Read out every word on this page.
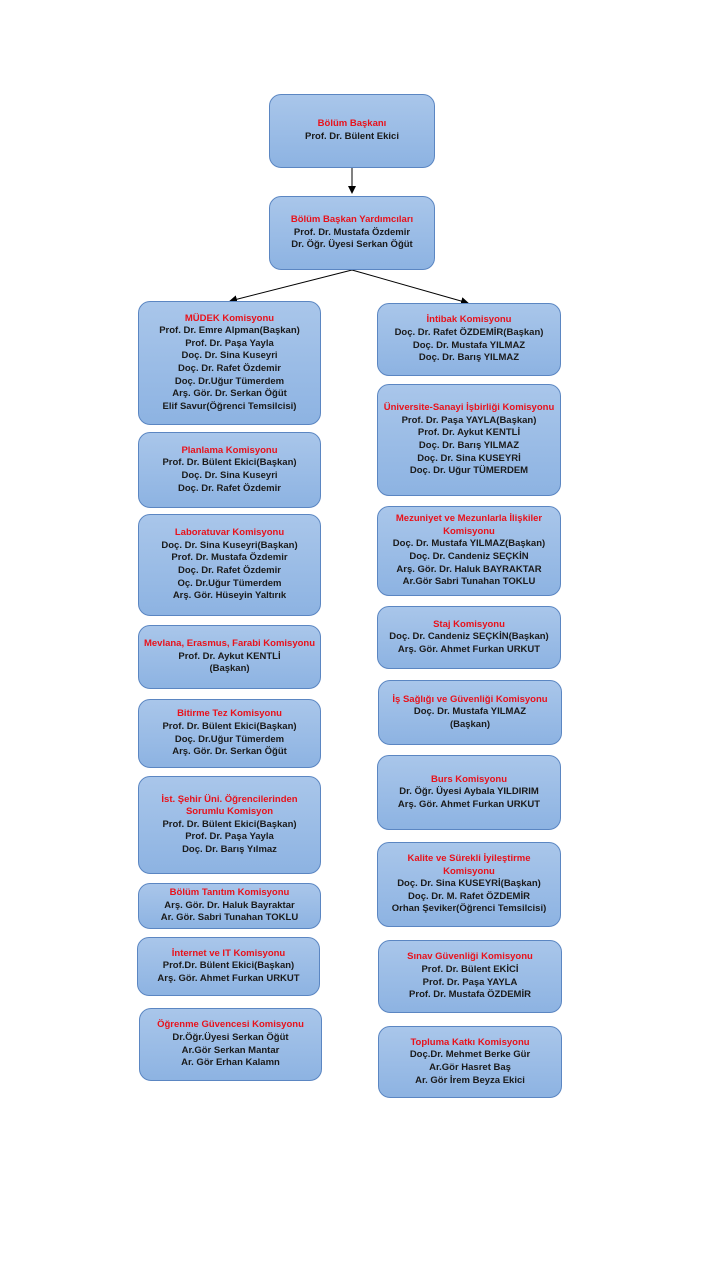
Bölüm Başkanı
Prof. Dr. Bülent Ekici
Bölüm Başkan Yardımcıları
Prof. Dr. Mustafa Özdemir
Dr. Öğr. Üyesi Serkan Öğüt
MÜDEK Komisyonu
Prof. Dr. Emre Alpman(Başkan)
Prof. Dr. Paşa Yayla
Doç. Dr. Sina Kuseyri
Doç. Dr. Rafet Özdemir
Doç. Dr.Uğur Tümerdem
Arş. Gör. Dr. Serkan Öğüt
Elif Savur(Öğrenci Temsilcisi)
Planlama Komisyonu
Prof. Dr. Bülent Ekici(Başkan)
Doç. Dr. Sina Kuseyri
Doç. Dr. Rafet Özdemir
Laboratuvar Komisyonu
Doç. Dr. Sina Kuseyri(Başkan)
Prof. Dr. Mustafa Özdemir
Doç. Dr. Rafet Özdemir
Oç. Dr.Uğur Tümerdem
Arş. Gör. Hüseyin Yaltırık
Mevlana, Erasmus, Farabi Komisyonu
Prof. Dr. Aykut KENTLİ
(Başkan)
Bitirme Tez Komisyonu
Prof. Dr. Bülent Ekici(Başkan)
Doç. Dr.Uğur Tümerdem
Arş. Gör. Dr. Serkan Öğüt
İst. Şehir Üni. Öğrencilerinden Sorumlu Komisyon
Prof. Dr. Bülent Ekici(Başkan)
Prof. Dr. Paşa Yayla
Doç. Dr. Barış Yılmaz
Bölüm Tanıtım Komisyonu
Arş. Gör. Dr. Haluk Bayraktar
Ar. Gör. Sabri Tunahan TOKLU
İnternet ve IT Komisyonu
Prof.Dr. Bülent Ekici(Başkan)
Arş. Gör. Ahmet Furkan URKUT
Öğrenme Güvencesi Komisyonu
Dr.Öğr.Üyesi Serkan Öğüt
Ar.Gör Serkan Mantar
Ar. Gör Erhan Kalamn
İntibak Komisyonu
Doç. Dr. Rafet ÖZDEMİR(Başkan)
Doç. Dr. Mustafa YILMAZ
Doç. Dr. Barış YILMAZ
Üniversite-Sanayi İşbirliği Komisyonu
Prof. Dr. Paşa YAYLA(Başkan)
Prof. Dr. Aykut KENTLİ
Doç. Dr. Barış YILMAZ
Doç. Dr. Sina KUSEYRİ
Doç. Dr. Uğur TÜMERDEM
Mezuniyet ve Mezunlarla İlişkiler Komisyonu
Doç. Dr. Mustafa YILMAZ(Başkan)
Doç. Dr. Candeniz SEÇKİN
Arş. Gör. Dr. Haluk BAYRAKTAR
Ar.Gör Sabri Tunahan TOKLU
Staj Komisyonu
Doç. Dr. Candeniz SEÇKİN(Başkan)
Arş. Gör. Ahmet Furkan URKUT
İş Sağlığı ve Güvenliği Komisyonu
Doç. Dr. Mustafa YILMAZ
(Başkan)
Burs Komisyonu
Dr. Öğr. Üyesi Aybala YILDIRIM
Arş. Gör. Ahmet Furkan URKUT
Kalite ve Sürekli İyileştirme Komisyonu
Doç. Dr. Sina KUSEYRİ(Başkan)
Doç. Dr. M. Rafet ÖZDEMİR
Orhan Şeviker(Öğrenci Temsilcisi)
Sınav Güvenliği Komisyonu
Prof. Dr. Bülent EKİCİ
Prof. Dr. Paşa YAYLA
Prof. Dr. Mustafa ÖZDEMİR
Topluma Katkı Komisyonu
Doç.Dr. Mehmet Berke Gür
Ar.Gör Hasret Baş
Ar. Gör İrem Beyza Ekici
